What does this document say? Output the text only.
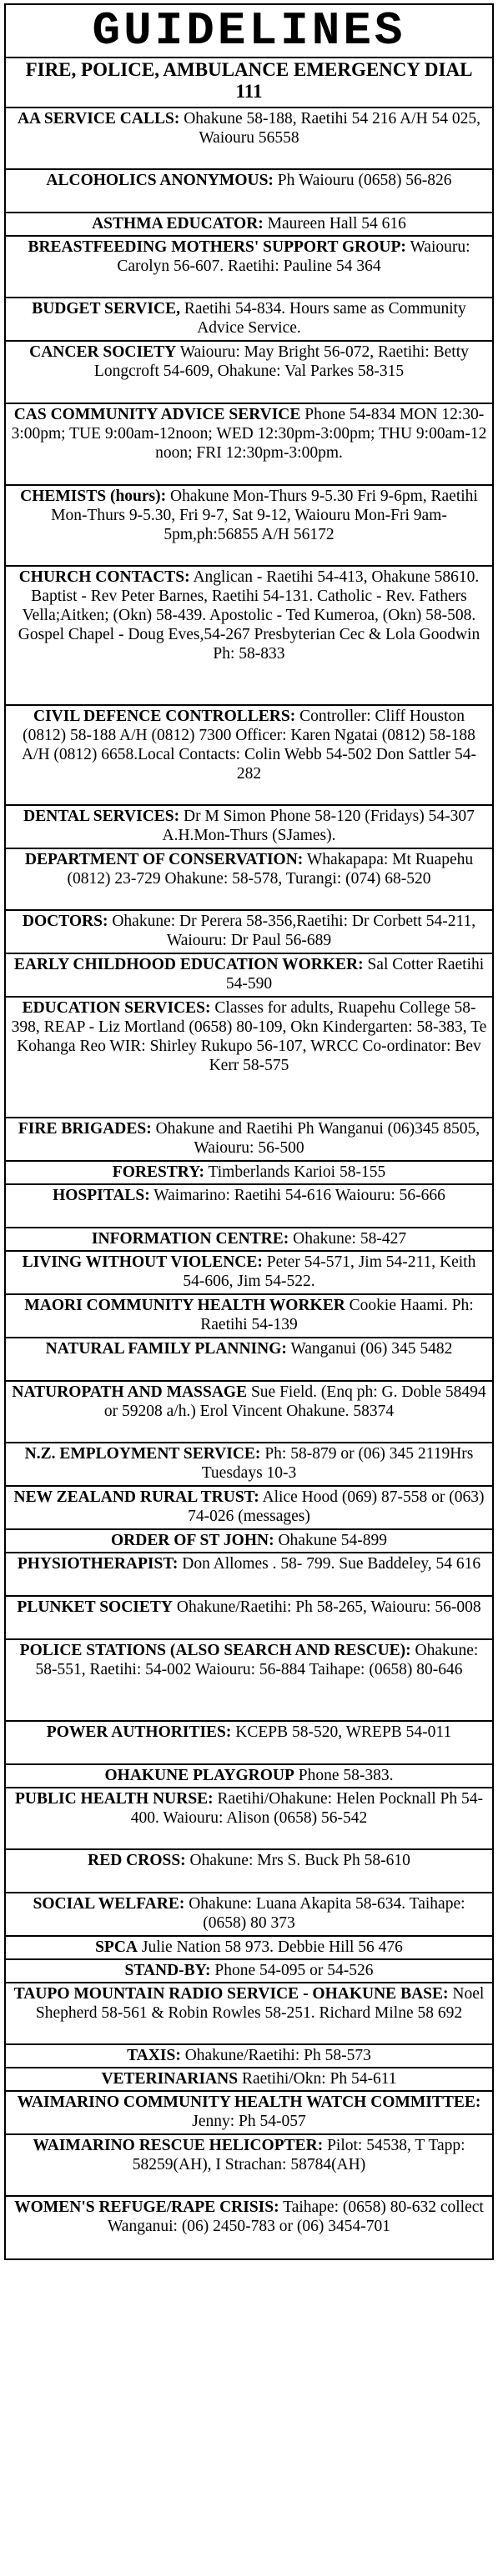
GUIDELINES
FIRE, POLICE, AMBULANCE EMERGENCY DIAL 111
AA SERVICE CALLS: Ohakune 58-188, Raetihi 54 216 A/H 54 025, Waiouru 56558
ALCOHOLICS ANONYMOUS: Ph Waiouru (0658) 56-826
ASTHMA EDUCATOR: Maureen Hall 54 616
BREASTFEEDING MOTHERS' SUPPORT GROUP: Waiouru: Carolyn 56-607. Raetihi: Pauline 54 364
BUDGET SERVICE, Raetihi 54-834. Hours same as Community Advice Service.
CANCER SOCIETY Waiouru: May Bright 56-072, Raetihi: Betty Longcroft 54-609, Ohakune: Val Parkes 58-315
CAS COMMUNITY ADVICE SERVICE Phone 54-834 MON 12:30-3:00pm; TUE 9:00am-12noon; WED 12:30pm-3:00pm; THU 9:00am-12 noon; FRI 12:30pm-3:00pm.
CHEMISTS (hours): Ohakune Mon-Thurs 9-5.30 Fri 9-6pm, Raetihi Mon-Thurs 9-5.30, Fri 9-7, Sat 9-12, Waiouru Mon-Fri 9am-5pm,ph:56855 A/H 56172
CHURCH CONTACTS: Anglican - Raetihi 54-413, Ohakune 58610. Baptist - Rev Peter Barnes, Raetihi 54-131. Catholic - Rev. Fathers Vella;Aitken; (Okn) 58-439. Apostolic - Ted Kumeroa, (Okn) 58-508. Gospel Chapel - Doug Eves,54-267 Presbyterian Cec & Lola Goodwin Ph: 58-833
CIVIL DEFENCE CONTROLLERS: Controller: Cliff Houston (0812) 58-188 A/H (0812) 7300 Officer: Karen Ngatai (0812) 58-188 A/H (0812) 6658.Local Contacts: Colin Webb 54-502 Don Sattler 54-282
DENTAL SERVICES: Dr M Simon Phone 58-120 (Fridays) 54-307 A.H.Mon-Thurs (SJames).
DEPARTMENT OF CONSERVATION: Whakapapa: Mt Ruapehu (0812) 23-729 Ohakune: 58-578, Turangi: (074) 68-520
DOCTORS: Ohakune: Dr Perera 58-356,Raetihi: Dr Corbett 54-211, Waiouru: Dr Paul 56-689
EARLY CHILDHOOD EDUCATION WORKER: Sal Cotter Raetihi 54-590
EDUCATION SERVICES: Classes for adults, Ruapehu College 58-398, REAP - Liz Mortland (0658) 80-109, Okn Kindergarten: 58-383, Te Kohanga Reo WIR: Shirley Rukupo 56-107, WRCC Co-ordinator: Bev Kerr 58-575
FIRE BRIGADES: Ohakune and Raetihi Ph Wanganui (06)345 8505, Waiouru: 56-500
FORESTRY: Timberlands Karioi 58-155
HOSPITALS: Waimarino: Raetihi 54-616 Waiouru: 56-666
INFORMATION CENTRE: Ohakune: 58-427
LIVING WITHOUT VIOLENCE: Peter 54-571, Jim 54-211, Keith 54-606, Jim 54-522.
MAORI COMMUNITY HEALTH WORKER Cookie Haami. Ph: Raetihi 54-139
NATURAL FAMILY PLANNING: Wanganui (06) 345 5482
NATUROPATH AND MASSAGE Sue Field. (Enq ph: G. Doble 58494 or 59208 a/h.) Erol Vincent Ohakune. 58374
N.Z. EMPLOYMENT SERVICE: Ph: 58-879 or (06) 345 2119Hrs Tuesdays 10-3
NEW ZEALAND RURAL TRUST: Alice Hood (069) 87-558 or (063) 74-026 (messages)
ORDER OF ST JOHN: Ohakune 54-899
PHYSIOTHERAPIST: Don Allomes . 58- 799. Sue Baddeley, 54 616
PLUNKET SOCIETY Ohakune/Raetihi: Ph 58-265, Waiouru: 56-008
POLICE STATIONS (ALSO SEARCH AND RESCUE): Ohakune: 58-551, Raetihi: 54-002 Waiouru: 56-884 Taihape: (0658) 80-646
POWER AUTHORITIES: KCEPB 58-520, WREPB 54-011
OHAKUNE PLAYGROUP Phone 58-383.
PUBLIC HEALTH NURSE: Raetihi/Ohakune: Helen Pocknall Ph 54-400. Waiouru: Alison (0658) 56-542
RED CROSS: Ohakune: Mrs S. Buck Ph 58-610
SOCIAL WELFARE: Ohakune: Luana Akapita 58-634. Taihape: (0658) 80 373
SPCA Julie Nation 58 973. Debbie Hill 56 476
STAND-BY: Phone 54-095 or 54-526
TAUPO MOUNTAIN RADIO SERVICE - OHAKUNE BASE: Noel Shepherd 58-561 & Robin Rowles 58-251. Richard Milne 58 692
TAXIS: Ohakune/Raetihi: Ph 58-573
VETERINARIANS Raetihi/Okn: Ph 54-611
WAIMARINO COMMUNITY HEALTH WATCH COMMITTEE: Jenny: Ph 54-057
WAIMARINO RESCUE HELICOPTER: Pilot: 54538, T Tapp: 58259(AH), I Strachan: 58784(AH)
WOMEN'S REFUGE/RAPE CRISIS: Taihape: (0658) 80-632 collect Wanganui: (06) 2450-783 or (06) 3454-701
